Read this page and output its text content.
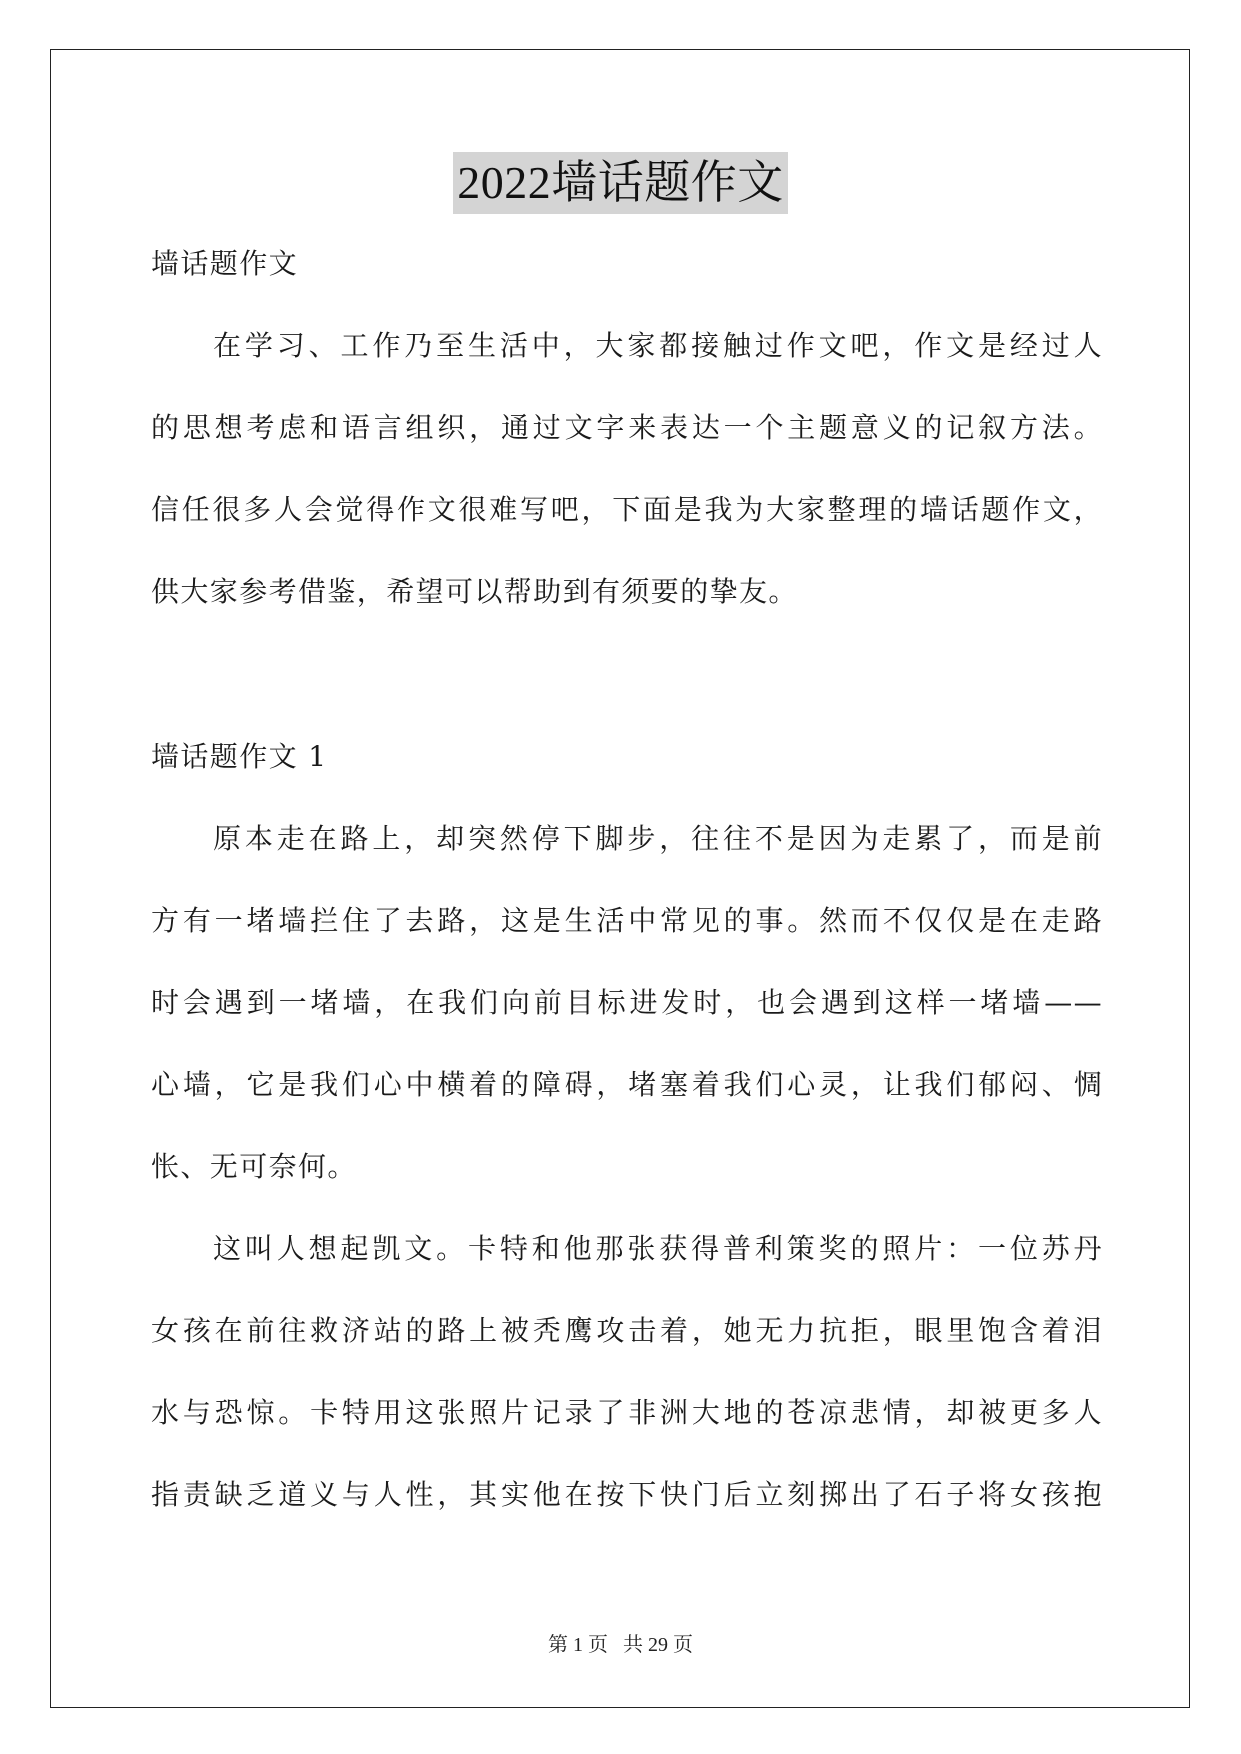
2022墙话题作文
墙话题作文
在学习、工作乃至生活中，大家都接触过作文吧，作文是经过人
的思想考虑和语言组织，通过文字来表达一个主题意义的记叙方法。
信任很多人会觉得作文很难写吧，下面是我为大家整理的墙话题作文，
供大家参考借鉴，希望可以帮助到有须要的挚友。
墙话题作文 1
原本走在路上，却突然停下脚步，往往不是因为走累了，而是前
方有一堵墙拦住了去路，这是生活中常见的事。然而不仅仅是在走路
时会遇到一堵墙，在我们向前目标进发时，也会遇到这样一堵墙——
心墙，它是我们心中横着的障碍，堵塞着我们心灵，让我们郁闷、惆
怅、无可奈何。
这叫人想起凯文。卡特和他那张获得普利策奖的照片：一位苏丹
女孩在前往救济站的路上被秃鹰攻击着，她无力抗拒，眼里饱含着泪
水与恐惊。卡特用这张照片记录了非洲大地的苍凉悲情，却被更多人
指责缺乏道义与人性，其实他在按下快门后立刻掷出了石子将女孩抱
第 1 页   共 29 页
